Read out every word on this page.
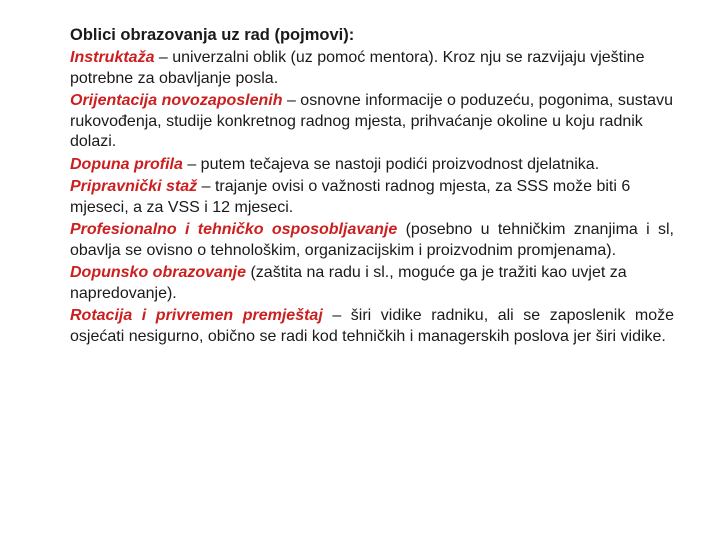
Oblici obrazovanja uz rad (pojmovi):

Instruktaža – univerzalni oblik (uz pomoć mentora). Kroz nju se razvijaju vještine potrebne za obavljanje posla.

Orijentacija novozaposlenih – osnovne informacije o poduzeću, pogonima, sustavu rukovođenja, studije konkretnog radnog mjesta, prihvaćanje okoline u koju radnik dolazi.

Dopuna profila – putem tečajeva se nastoji podići proizvodnost djelatnika.

Pripravnički staž – trajanje ovisi o važnosti radnog mjesta, za SSS može biti 6 mjeseci, a za VSS i 12 mjeseci.

Profesionalno i tehničko osposobljavanje (posebno u tehničkim znanjima i sl, obavlja se ovisno o tehnološkim, organizacijskim i proizvodnim promjenama).

Dopunsko obrazovanje (zaštita na radu i sl., moguće ga je tražiti kao uvjet za napredovanje).

Rotacija i privremen premještaj – širi vidike radniku, ali se zaposlenik može osjećati nesigurno, obično se radi kod tehničkih i managerskih poslova jer širi vidike.
